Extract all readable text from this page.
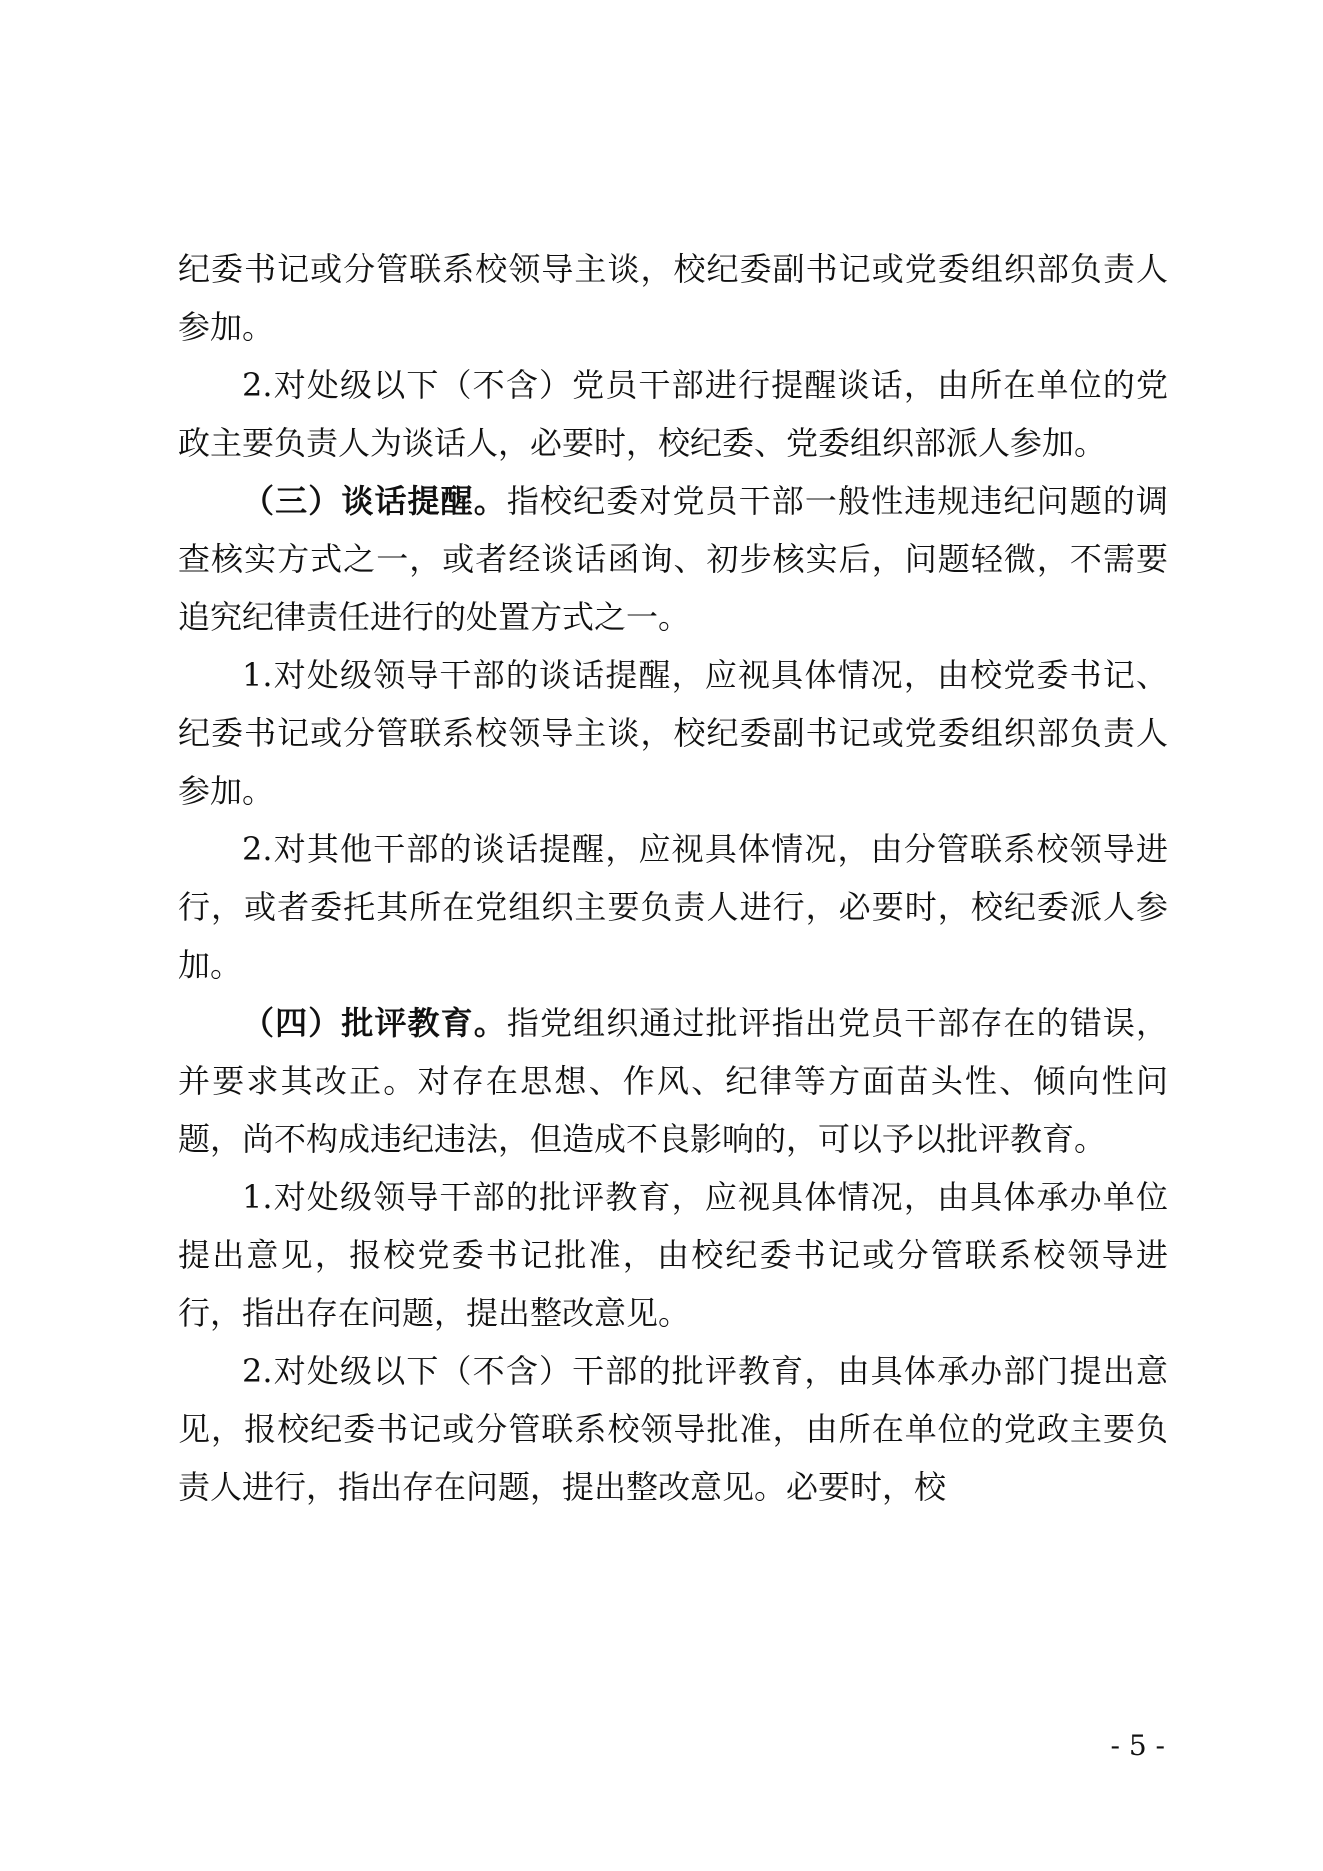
纪委书记或分管联系校领导主谈，校纪委副书记或党委组织部负责人参加。

2.对处级以下（不含）党员干部进行提醒谈话，由所在单位的党政主要负责人为谈话人，必要时，校纪委、党委组织部派人参加。

（三）谈话提醒。指校纪委对党员干部一般性违规违纪问题的调查核实方式之一，或者经谈话函询、初步核实后，问题轻微，不需要追究纪律责任进行的处置方式之一。

1.对处级领导干部的谈话提醒，应视具体情况，由校党委书记、纪委书记或分管联系校领导主谈，校纪委副书记或党委组织部负责人参加。

2.对其他干部的谈话提醒，应视具体情况，由分管联系校领导进行，或者委托其所在党组织主要负责人进行，必要时，校纪委派人参加。

（四）批评教育。指党组织通过批评指出党员干部存在的错误，并要求其改正。对存在思想、作风、纪律等方面苗头性、倾向性问题，尚不构成违纪违法，但造成不良影响的，可以予以批评教育。

1.对处级领导干部的批评教育，应视具体情况，由具体承办单位提出意见，报校党委书记批准，由校纪委书记或分管联系校领导进行，指出存在问题，提出整改意见。

2.对处级以下（不含）干部的批评教育，由具体承办部门提出意见，报校纪委书记或分管联系校领导批准，由所在单位的党政主要负责人进行，指出存在问题，提出整改意见。必要时，校

- 5 -
